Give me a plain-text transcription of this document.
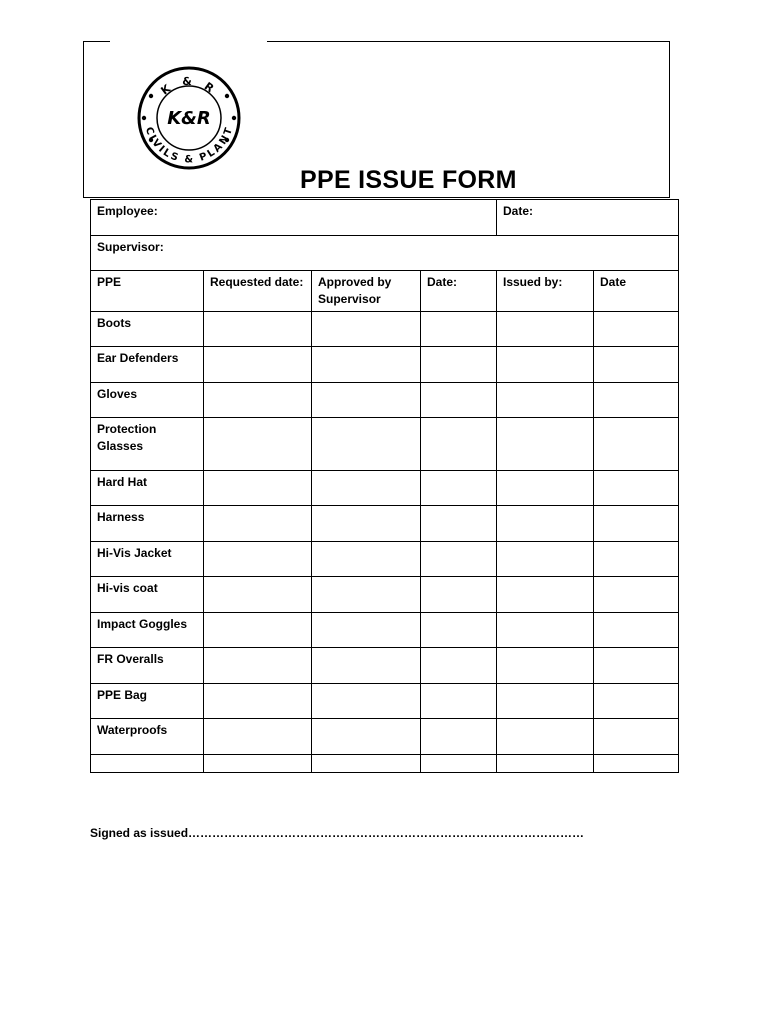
K & R
CIVILS & PLANT
K&R
PPE ISSUE FORM
Employee:				Date:	
Supervisor:					
PPE	Requested date:	Approved by Supervisor	Date:	Issued by:	Date
Boots					
Ear Defenders					
Gloves					
Protection Glasses					
Hard Hat					
Harness					
Hi-Vis Jacket					
Hi-vis coat					
Impact Goggles					
FR Overalls					
PPE Bag					
Waterproofs					

Signed as issued………………………………………………………………………………………
